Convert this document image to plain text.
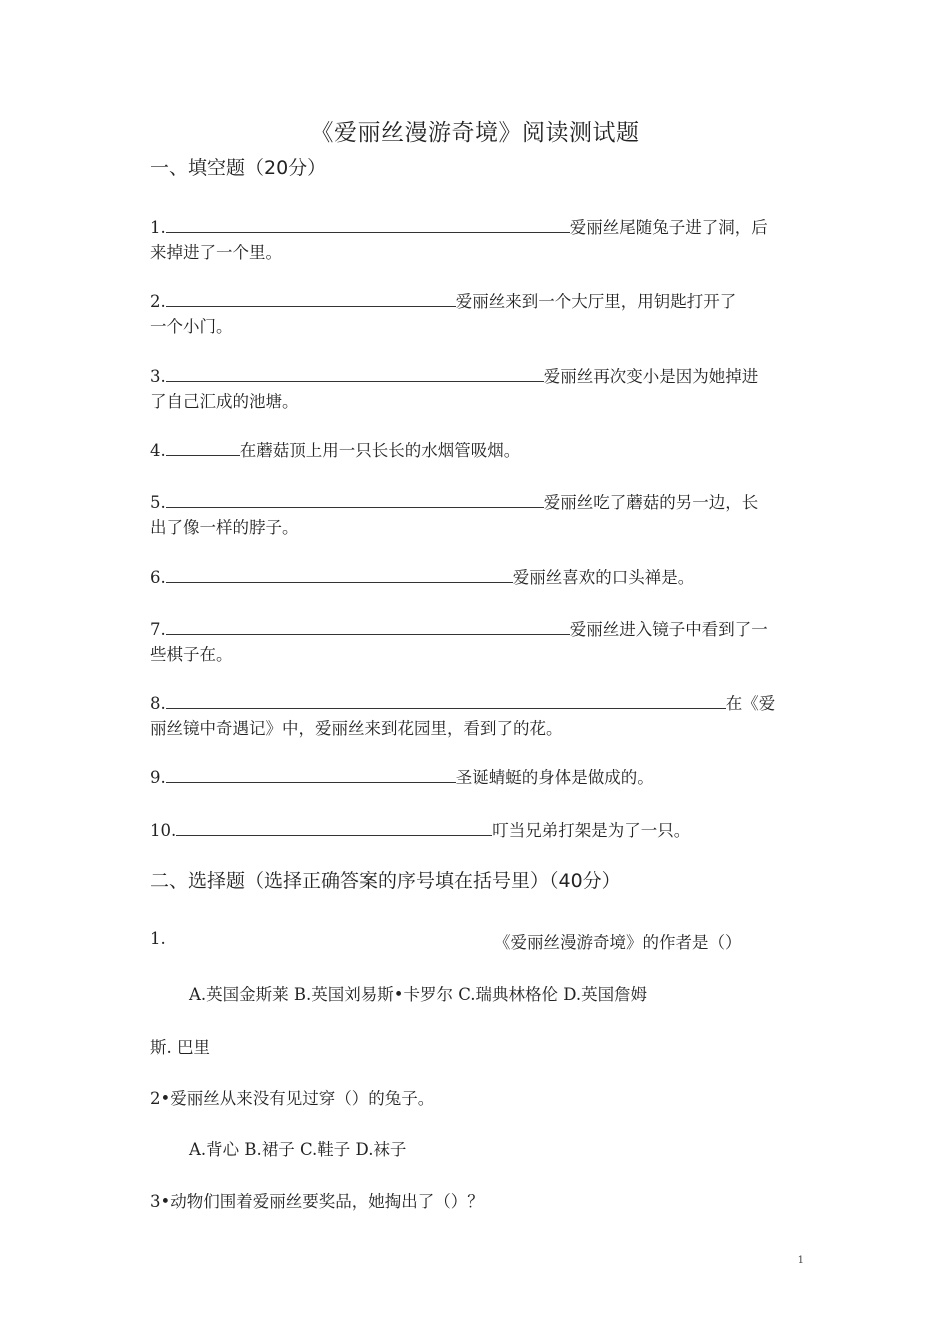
《爱丽丝漫游奇境》阅读测试题
一、填空题（20分）
1.	爱丽丝尾随兔子进了洞，后
来掉进了一个里。
2.	爱丽丝来到一个大厅里，用钥匙打开了
一个小门。
3.	爱丽丝再次变小是因为她掉进
了自己汇成的池塘。
4.	在蘑菇顶上用一只长长的水烟管吸烟。
5.	爱丽丝吃了蘑菇的另一边，长
出了像一样的脖子。
6.	爱丽丝喜欢的口头禅是。
7.	爱丽丝进入镜子中看到了一
些棋子在。
8.	在《爱
丽丝镜中奇遇记》中，爱丽丝来到花园里，看到了的花。
9.	圣诞蜻蜓的身体是做成的。
10.	叮当兄弟打架是为了一只。
二、选择题（选择正确答案的序号填在括号里）（40分）
1.	《爱丽丝漫游奇境》的作者是（）
A.英国金斯莱 B.英国刘易斯•卡罗尔 C.瑞典林格伦 D.英国詹姆
斯. 巴里
2•爱丽丝从来没有见过穿（）的兔子。
A.背心 B.裙子 C.鞋子 D.袜子
3•动物们围着爱丽丝要奖品，她掏出了（）？
1
